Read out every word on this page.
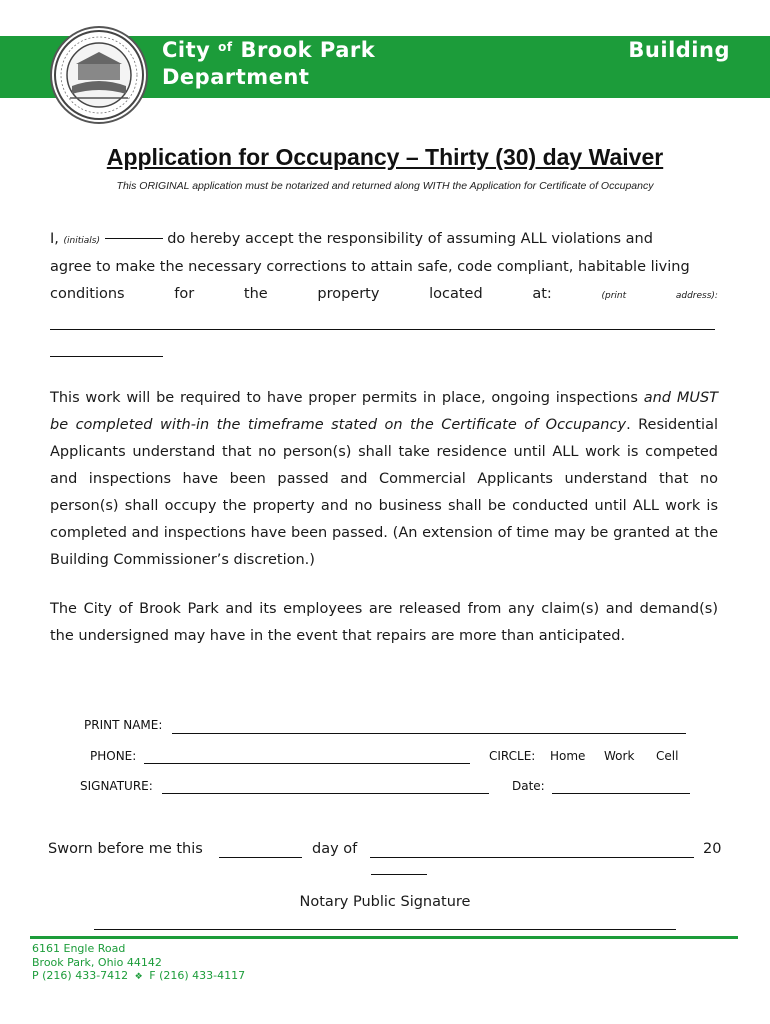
City $^{of}$ Brook Park
Department
Building
Application for Occupancy – Thirty (30) day Waiver
This ORIGINAL application must be notarized and returned along WITH the Application for Certificate of Occupancy
I, (initials)	do hereby accept the responsibility of assuming ALL violations and
agree to make the necessary corrections to attain safe, code compliant, habitable living
conditions	for	the	property	located	at:	(print	address):
This work will be required to have proper permits in place, ongoing inspections and MUST be completed with-in the timeframe stated on the Certificate of Occupancy. Residential Applicants understand that no person(s) shall take residence until ALL work is competed and inspections have been passed and Commercial Applicants understand that no person(s) shall occupy the property and no business shall be conducted until ALL work is completed and inspections have been passed. (An extension of time may be granted at the Building Commissioner’s discretion.)
The City of Brook Park and its employees are released from any claim(s) and demand(s) the undersigned may have in the event that repairs are more than anticipated.
PRINT NAME:
PHONE:	CIRCLE: Home Work Cell
SIGNATURE:	Date:
Sworn before me this	day of	20
Notary Public Signature
6161 Engle Road
Brook Park, Ohio 44142
P (216) 433-7412 ❖ F (216) 433-4117
